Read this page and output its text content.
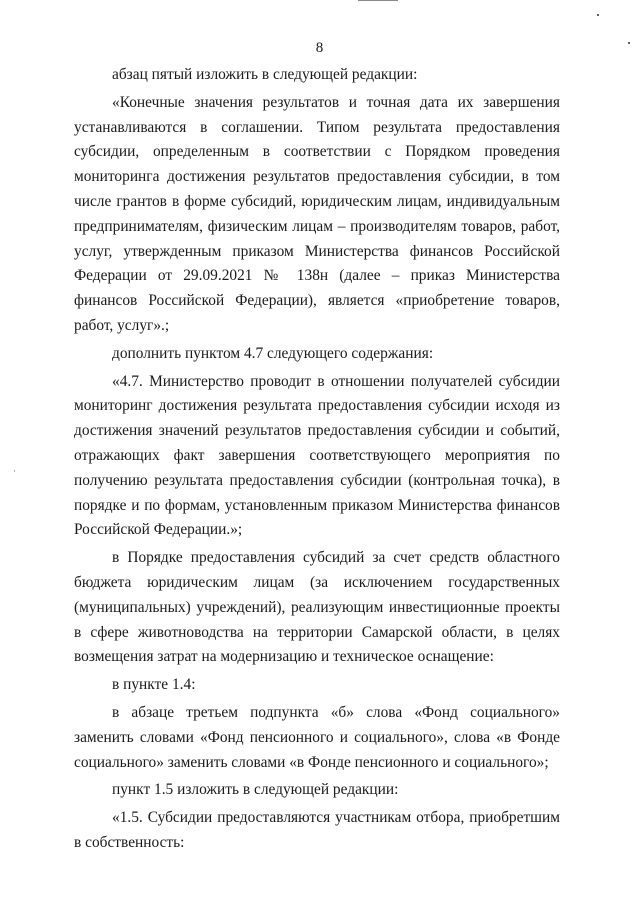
8

абзац пятый изложить в следующей редакции:

«Конечные значения результатов и точная дата их завершения устанавливаются в соглашении. Типом результата предоставления субсидии, определенным в соответствии с Порядком проведения мониторинга достижения результатов предоставления субсидии, в том числе грантов в форме субсидий, юридическим лицам, индивидуальным предпринимателям, физическим лицам – производителям товаров, работ, услуг, утвержденным приказом Министерства финансов Российской Федерации от 29.09.2021 № 138н (далее – приказ Министерства финансов Российской Федерации), является «приобретение товаров, работ, услуг».;

дополнить пунктом 4.7 следующего содержания:

«4.7. Министерство проводит в отношении получателей субсидии мониторинг достижения результата предоставления субсидии исходя из достижения значений результатов предоставления субсидии и событий, отражающих факт завершения соответствующего мероприятия по получению результата предоставления субсидии (контрольная точка), в порядке и по формам, установленным приказом Министерства финансов Российской Федерации.»;

в Порядке предоставления субсидий за счет средств областного бюджета юридическим лицам (за исключением государственных (муниципальных) учреждений), реализующим инвестиционные проекты в сфере животноводства на территории Самарской области, в целях возмещения затрат на модернизацию и техническое оснащение:

в пункте 1.4:

в абзаце третьем подпункта «б» слова «Фонд социального» заменить словами «Фонд пенсионного и социального», слова «в Фонде социального» заменить словами «в Фонде пенсионного и социального»;

пункт 1.5 изложить в следующей редакции:

«1.5. Субсидии предоставляются участникам отбора, приобретшим в собственность:
